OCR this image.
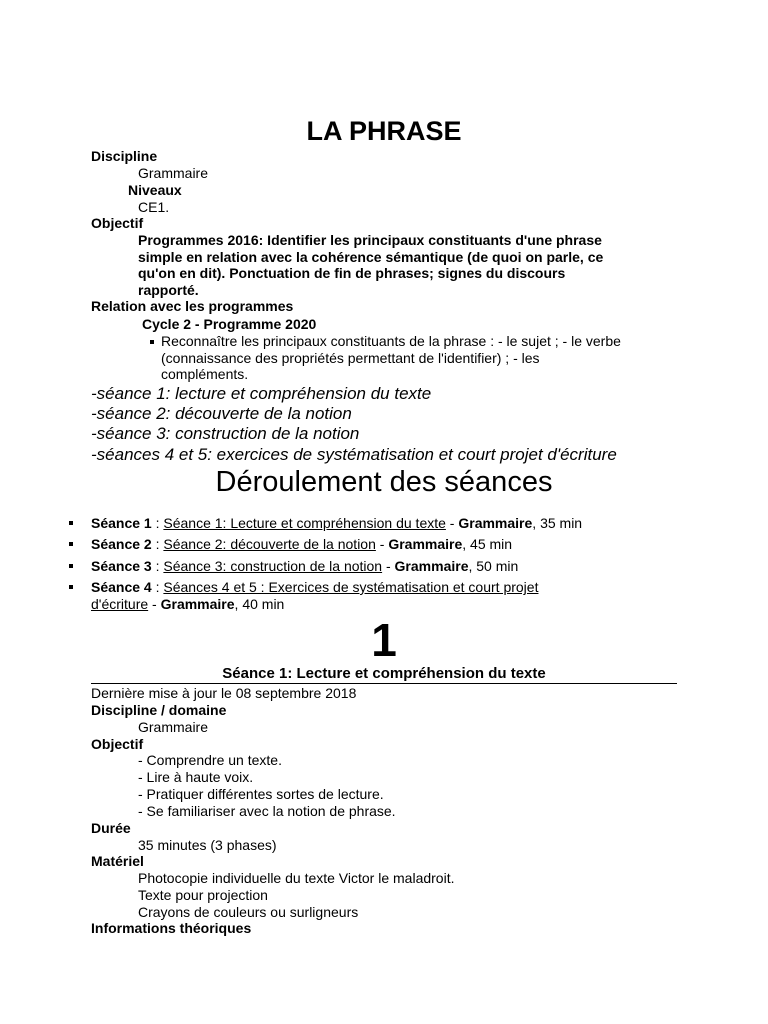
LA PHRASE
Discipline
Grammaire
Niveaux
CE1.
Objectif
Programmes 2016: Identifier les principaux constituants d'une phrase
simple en relation avec la cohérence sémantique (de quoi on parle, ce
qu'on en dit). Ponctuation de fin de phrases; signes du discours
rapporté.
Relation avec les programmes
Cycle 2 - Programme 2020
Reconnaître les principaux constituants de la phrase : - le sujet ; - le verbe
(connaissance des propriétés permettant de l'identifier) ; - les
compléments.
-séance 1: lecture et compréhension du texte
-séance 2: découverte de la notion
-séance 3: construction de la notion
-séances 4 et 5: exercices de systématisation et court projet d'écriture
Déroulement des séances
Séance 1 : Séance 1: Lecture et compréhension du texte - Grammaire, 35 min
Séance 2 : Séance 2: découverte de la notion - Grammaire, 45 min
Séance 3 : Séance 3: construction de la notion - Grammaire, 50 min
Séance 4 : Séances 4 et 5 : Exercices de systématisation et court projet
d'écriture - Grammaire, 40 min
1
Séance 1: Lecture et compréhension du texte
Dernière mise à jour le 08 septembre 2018
Discipline / domaine
Grammaire
Objectif
- Comprendre un texte.
- Lire à haute voix.
- Pratiquer différentes sortes de lecture.
- Se familiariser avec la notion de phrase.
Durée
35 minutes (3 phases)
Matériel
Photocopie individuelle du texte Victor le maladroit.
Texte pour projection
Crayons de couleurs ou surligneurs
Informations théoriques
